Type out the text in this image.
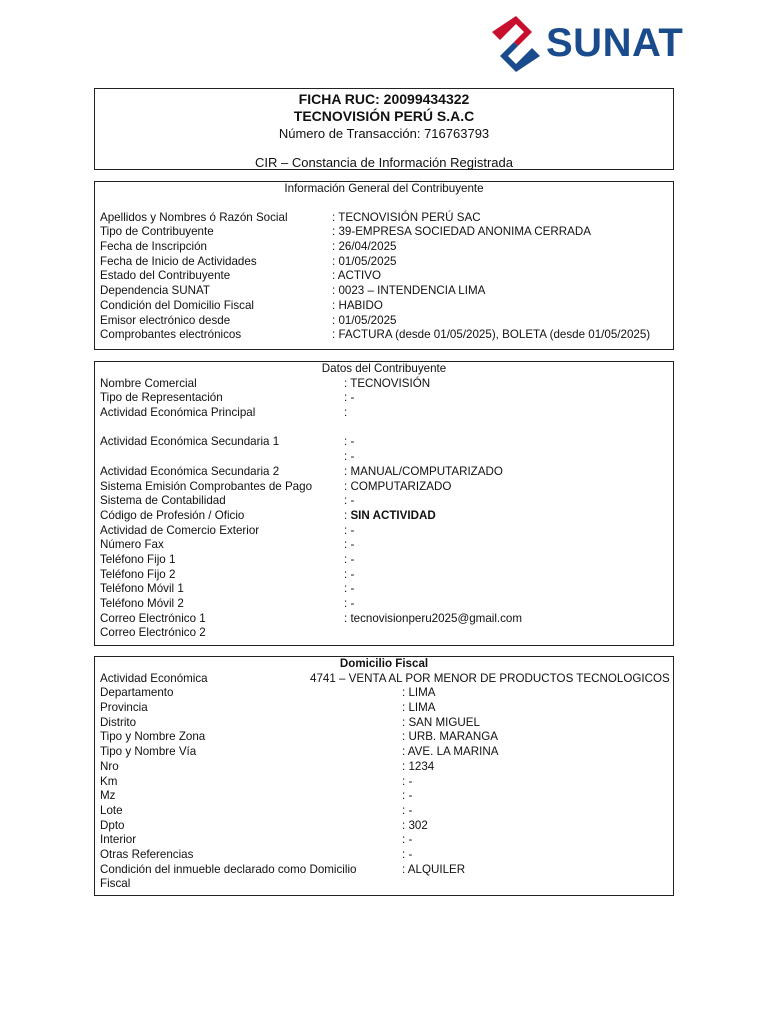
SUNAT
FICHA RUC: 20099434322
TECNOVISIÓN PERÚ S.A.C
Número de Transacción: 716763793
CIR – Constancia de Información Registrada
Información General del Contribuyente
Apellidos y Nombres ó Razón Social	: TECNOVISIÓN PERÚ SAC
Tipo de Contribuyente	: 39-EMPRESA SOCIEDAD ANONIMA CERRADA
Fecha de Inscripción	: 26/04/2025
Fecha de Inicio de Actividades	: 01/05/2025
Estado del Contribuyente	: ACTIVO
Dependencia SUNAT	: 0023 – INTENDENCIA LIMA
Condición del Domicilio Fiscal	: HABIDO
Emisor electrónico desde	: 01/05/2025
Comprobantes electrónicos	: FACTURA (desde 01/05/2025), BOLETA (desde 01/05/2025)
Datos del Contribuyente
Nombre Comercial	: TECNOVISIÓN
Tipo de Representación	: -
Actividad Económica Principal	:
Actividad Económica Secundaria 1	: -
: -
Actividad Económica Secundaria 2	: MANUAL/COMPUTARIZADO
Sistema Emisión Comprobantes de Pago	: COMPUTARIZADO
Sistema de Contabilidad	: -
Código de Profesión / Oficio	: SIN ACTIVIDAD
Actividad de Comercio Exterior	: -
Número Fax	: -
Teléfono Fijo 1	: -
Teléfono Fijo 2	: -
Teléfono Móvil 1	: -
Teléfono Móvil 2	: -
Correo Electrónico 1	: tecnovisionperu2025@gmail.com
Correo Electrónico 2
Domicilio Fiscal
Actividad Económica	4741 – VENTA AL POR MENOR DE PRODUCTOS TECNOLOGICOS
Departamento	: LIMA
Provincia	: LIMA
Distrito	: SAN MIGUEL
Tipo y Nombre Zona	: URB. MARANGA
Tipo y Nombre Vía	: AVE. LA MARINA
Nro	: 1234
Km	: -
Mz	: -
Lote	: -
Dpto	: 302
Interior	: -
Otras Referencias	: -
Condición del inmueble declarado como Domicilio	: ALQUILER
Fiscal
